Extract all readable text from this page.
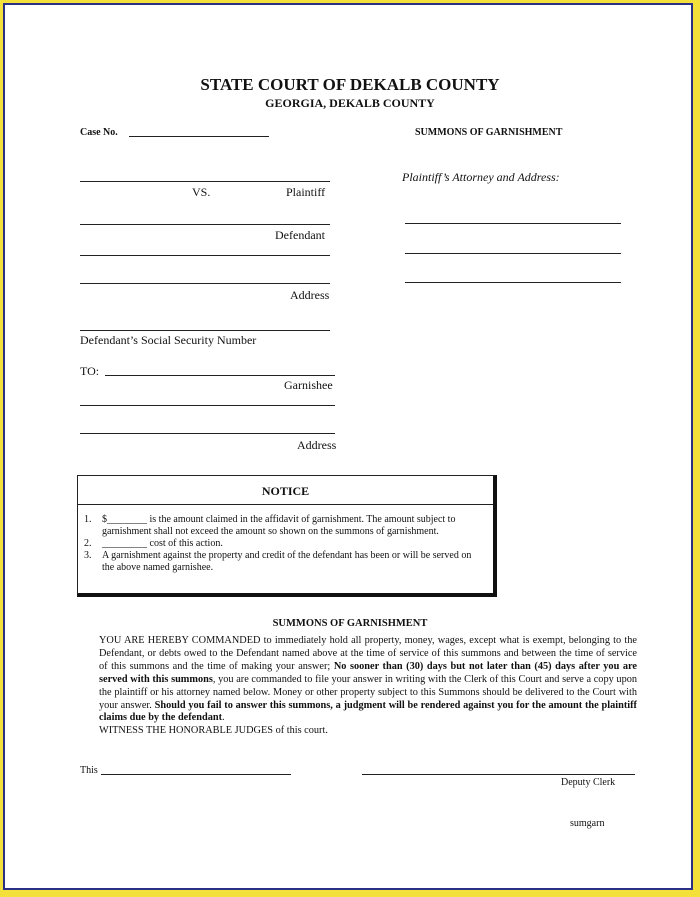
STATE COURT OF DEKALB COUNTY
GEORGIA, DEKALB COUNTY
Case No.	SUMMONS OF GARNISHMENT
VS.	Plaintiff
Defendant
Address
Defendant’s Social Security Number
TO:
Garnishee
Address
Plaintiff’s Attorney and Address:
NOTICE
1.	$________ is the amount claimed in the affidavit of garnishment. The amount subject to garnishment shall not exceed the amount so shown on the summons of garnishment.
2.	_________ cost of this action.
3.	A garnishment against the property and credit of the defendant has been or will be served on the above named garnishee.
SUMMONS OF GARNISHMENT

YOU ARE HEREBY COMMANDED to immediately hold all property, money, wages, except what is exempt, belonging to the Defendant, or debts owed to the Defendant named above at the time of service of this summons and between the time of service of this summons and the time of making your answer; No sooner than (30) days but not later than (45) days after you are served with this summons, you are commanded to file your answer in writing with the Clerk of this Court and serve a copy upon the plaintiff or his attorney named below. Money or other property subject to this Summons should be delivered to the Court with your answer. Should you fail to answer this summons, a judgment will be rendered against you for the amount the plaintiff claims due by the defendant.

WITNESS THE HONORABLE JUDGES of this court.

This
Deputy Clerk
sumgarn
